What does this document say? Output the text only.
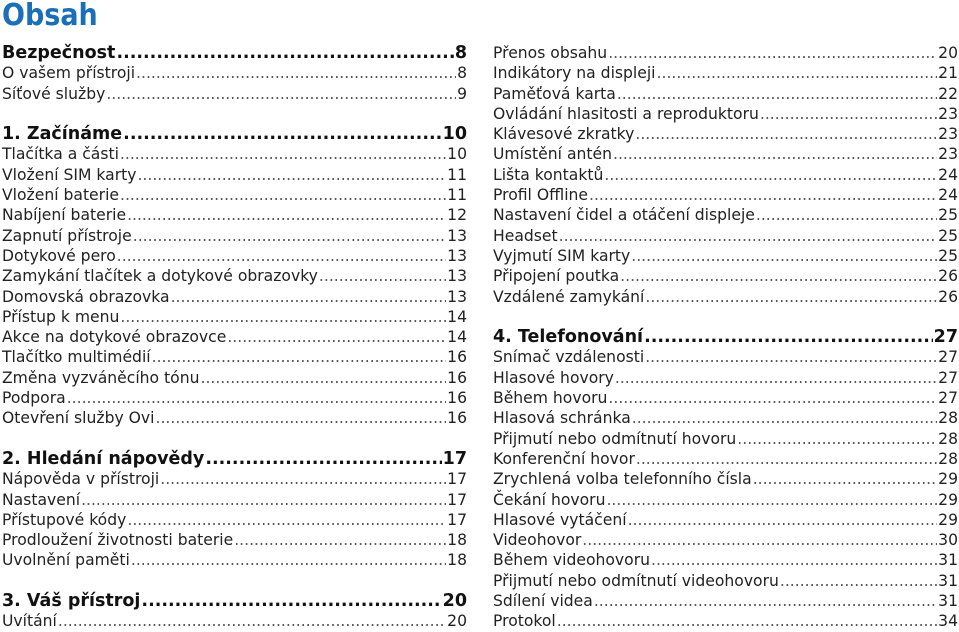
Obsah
Bezpečnost .....	8
O vašem přístroji .....	8
Síťové služby .....	9
1. Začínáme .....	10
Tlačítka a části .....	10
Vložení SIM karty .....	11
Vložení baterie .....	11
Nabíjení baterie .....	12
Zapnutí přístroje .....	13
Dotykové pero .....	13
Zamykání tlačítek a dotykové obrazovky .....	13
Domovská obrazovka .....	13
Přístup k menu .....	14
Akce na dotykové obrazovce .....	14
Tlačítko multimédií .....	16
Změna vyzváněcího tónu .....	16
Podpora .....	16
Otevření služby Ovi .....	16
2. Hledání nápovědy .....	17
Nápověda v přístroji .....	17
Nastavení .....	17
Přístupové kódy .....	17
Prodloužení životnosti baterie .....	18
Uvolnění paměti .....	18
3. Váš přístroj .....	20
Uvítání .....	20
Přenos obsahu .....	20
Indikátory na displeji .....	21
Paměťová karta .....	22
Ovládání hlasitosti a reproduktoru .....	23
Klávesové zkratky .....	23
Umístění antén .....	23
Lišta kontaktů .....	24
Profil Offline .....	24
Nastavení čidel a otáčení displeje .....	25
Headset .....	25
Vyjmutí SIM karty .....	25
Připojení poutka .....	26
Vzdálené zamykání .....	26
4. Telefonování .....	27
Snímač vzdálenosti .....	27
Hlasové hovory .....	27
Během hovoru .....	27
Hlasová schránka .....	28
Přijmutí nebo odmítnutí hovoru .....	28
Konferenční hovor .....	28
Zrychlená volba telefonního čísla .....	29
Čekání hovoru .....	29
Hlasové vytáčení .....	29
Videohovor .....	30
Během videohovoru .....	31
Přijmutí nebo odmítnutí videohovoru .....	31
Sdílení videa .....	31
Protokol .....	34
